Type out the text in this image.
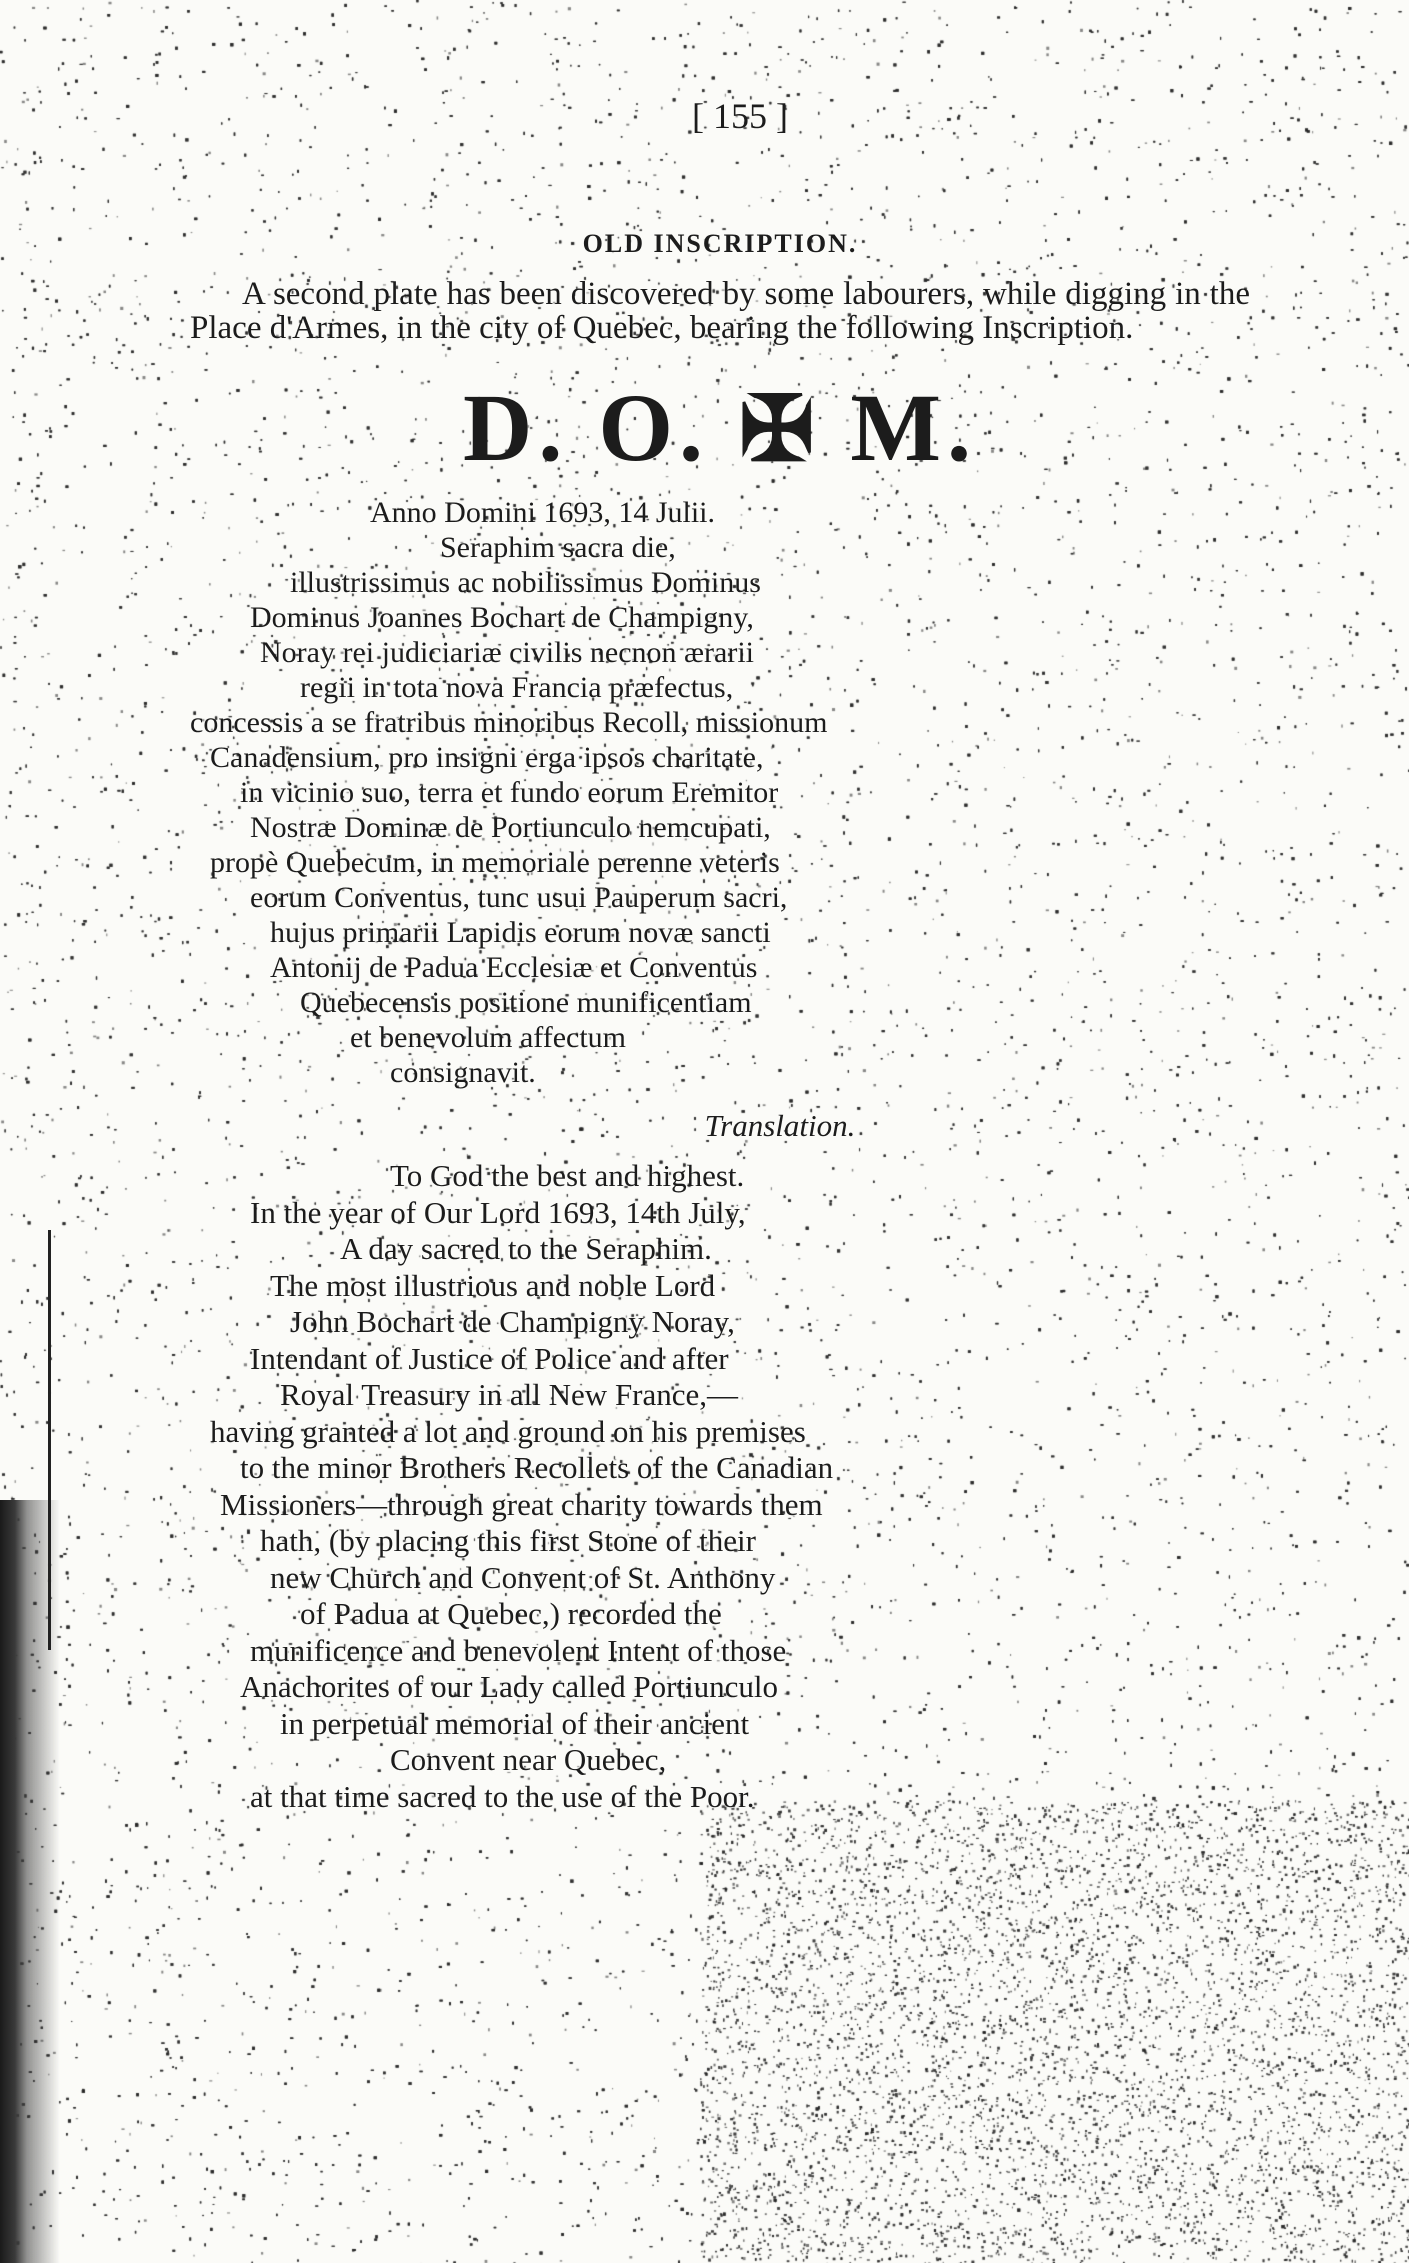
[ 155 ]
OLD INSCRIPTION.

A second plate has been discovered by some labourers, while digging in the Place d'Armes, in the city of Quebec, bearing the following Inscription.

D. O. ✠ M.
Anno Domini 1693, 14 Julii.
Seraphim sacra die,
illustrissimus ac nobilissimus Dominus
Dominus Joannes Bochart de Champigny,
Noray rei judiciariæ civilis necnon ærarii
regii in tota nova Francia præfectus,
concessis a se fratribus minoribus Recoll, missionum
Canadensium, pro insigni erga ipsos charitate,
in vicinio suo, terra et fundo eorum Eremitor
Nostræ Dominæ de Portiunculo nemcupati,
propè Quebecum, in memoriale perenne veteris
eorum Conventus, tunc usui Pauperum sacri,
hujus primarii Lapidis eorum novæ sancti
Antonij de Padua Ecclesiæ et Conventus
Quebecensis positione munificentiam
et benevolum affectum
consignavit.
Translation.
To God the best and highest.
In the year of Our Lord 1693, 14th July,
A day sacred to the Seraphim.
The most illustrious and noble Lord
John Bochart de Champigny Noray,
Intendant of Justice of Police and after
Royal Treasury in all New France,—
having granted a lot and ground on his premises
to the minor Brothers Recollets of the Canadian
Missioners—through great charity towards them
hath, (by placing this first Stone of their
new Church and Convent of St. Anthony
of Padua at Quebec,) recorded the
munificence and benevolent Intent of those
Anachorites of our Lady called Portiunculo
in perpetual memorial of their ancient
Convent near Quebec,
at that time sacred to the use of the Poor.
